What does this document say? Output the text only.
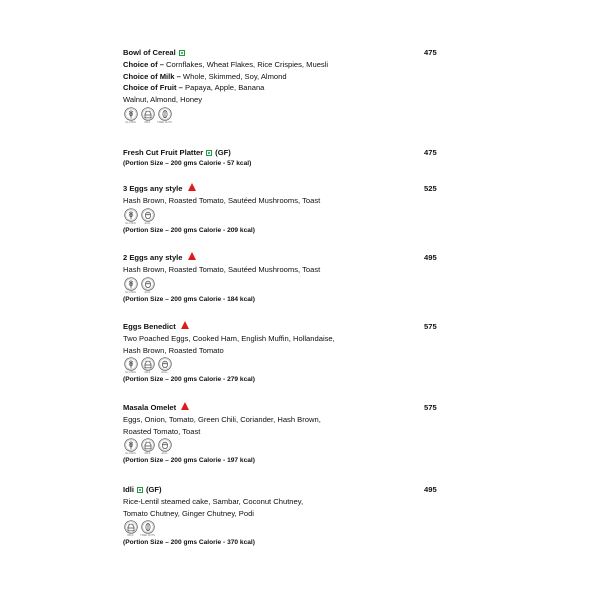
475
Bowl of Cereal
Choice of – Cornflakes, Wheat Flakes, Rice Crispies, Muesli
Choice of Milk – Whole, Skimmed, Soy, Almond
Choice of Fruit – Papaya, Apple, Banana
Walnut, Almond, Honey
GLUTEN	MILK	TREE NUTS
475
Fresh Cut Fruit Platter (GF)
(Portion Size – 200 gms Calorie - 57 kcal)
525
3 Eggs any style
Hash Brown, Roasted Tomato, Sautéed Mushrooms, Toast
GLUTEN	EGG
(Portion Size – 200 gms Calorie - 209 kcal)
495
2 Eggs any style
Hash Brown, Roasted Tomato, Sautéed Mushrooms, Toast
GLUTEN	EGG
(Portion Size – 200 gms Calorie - 184 kcal)
575
Eggs Benedict
Two Poached Eggs, Cooked Ham, English Muffin, Hollandaise,
Hash Brown, Roasted Tomato
GLUTEN	MILK	EGG
(Portion Size – 200 gms Calorie - 279 kcal)
575
Masala Omelet
Eggs, Onion, Tomato, Green Chili, Coriander, Hash Brown,
Roasted Tomato, Toast
GLUTEN	MILK	EGG
(Portion Size – 200 gms Calorie - 197 kcal)
495
Idli (GF)
Rice-Lentil steamed cake, Sambar, Coconut Chutney,
Tomato Chutney, Ginger Chutney, Podi
MILK	TREE NUTS
(Portion Size – 200 gms Calorie - 370 kcal)
